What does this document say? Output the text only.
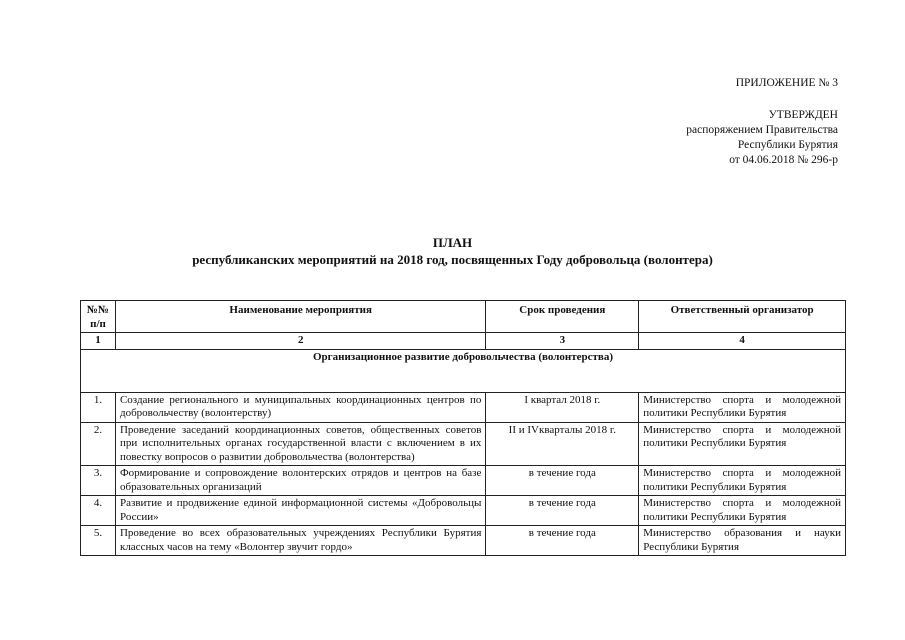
ПРИЛОЖЕНИЕ № 3
УТВЕРЖДЕН
распоряжением Правительства
Республики Бурятия
от 04.06.2018 № 296-р
ПЛАН
республиканских мероприятий на 2018 год, посвященных Году добровольца (волонтера)
№№ п/п	Наименование мероприятия	Срок проведения	Ответственный организатор
1	2	3	4
Организационное развитие добровольчества (волонтерства)			
1.	Создание регионального и муниципальных координационных центров по добровольчеству (волонтерству)	I квартал 2018 г.	Министерство спорта и молодежной политики Республики Бурятия
2.	Проведение заседаний координационных советов, общественных советов при исполнительных органах государственной власти с включением в их повестку вопросов о развитии добровольчества (волонтерства)	II и IVкварталы 2018 г.	Министерство спорта и молодежной политики Республики Бурятия
3.	Формирование и сопровождение волонтерских отрядов и центров на базе образовательных организаций	в течение года	Министерство спорта и молодежной политики Республики Бурятия
4.	Развитие и продвижение единой информационной системы «Добровольцы России»	в течение года	Министерство спорта и молодежной политики Республики Бурятия
5.	Проведение во всех образовательных учреждениях Республики Бурятия классных часов на тему «Волонтер звучит гордо»	в течение года	Министерство образования и науки Республики Бурятия
